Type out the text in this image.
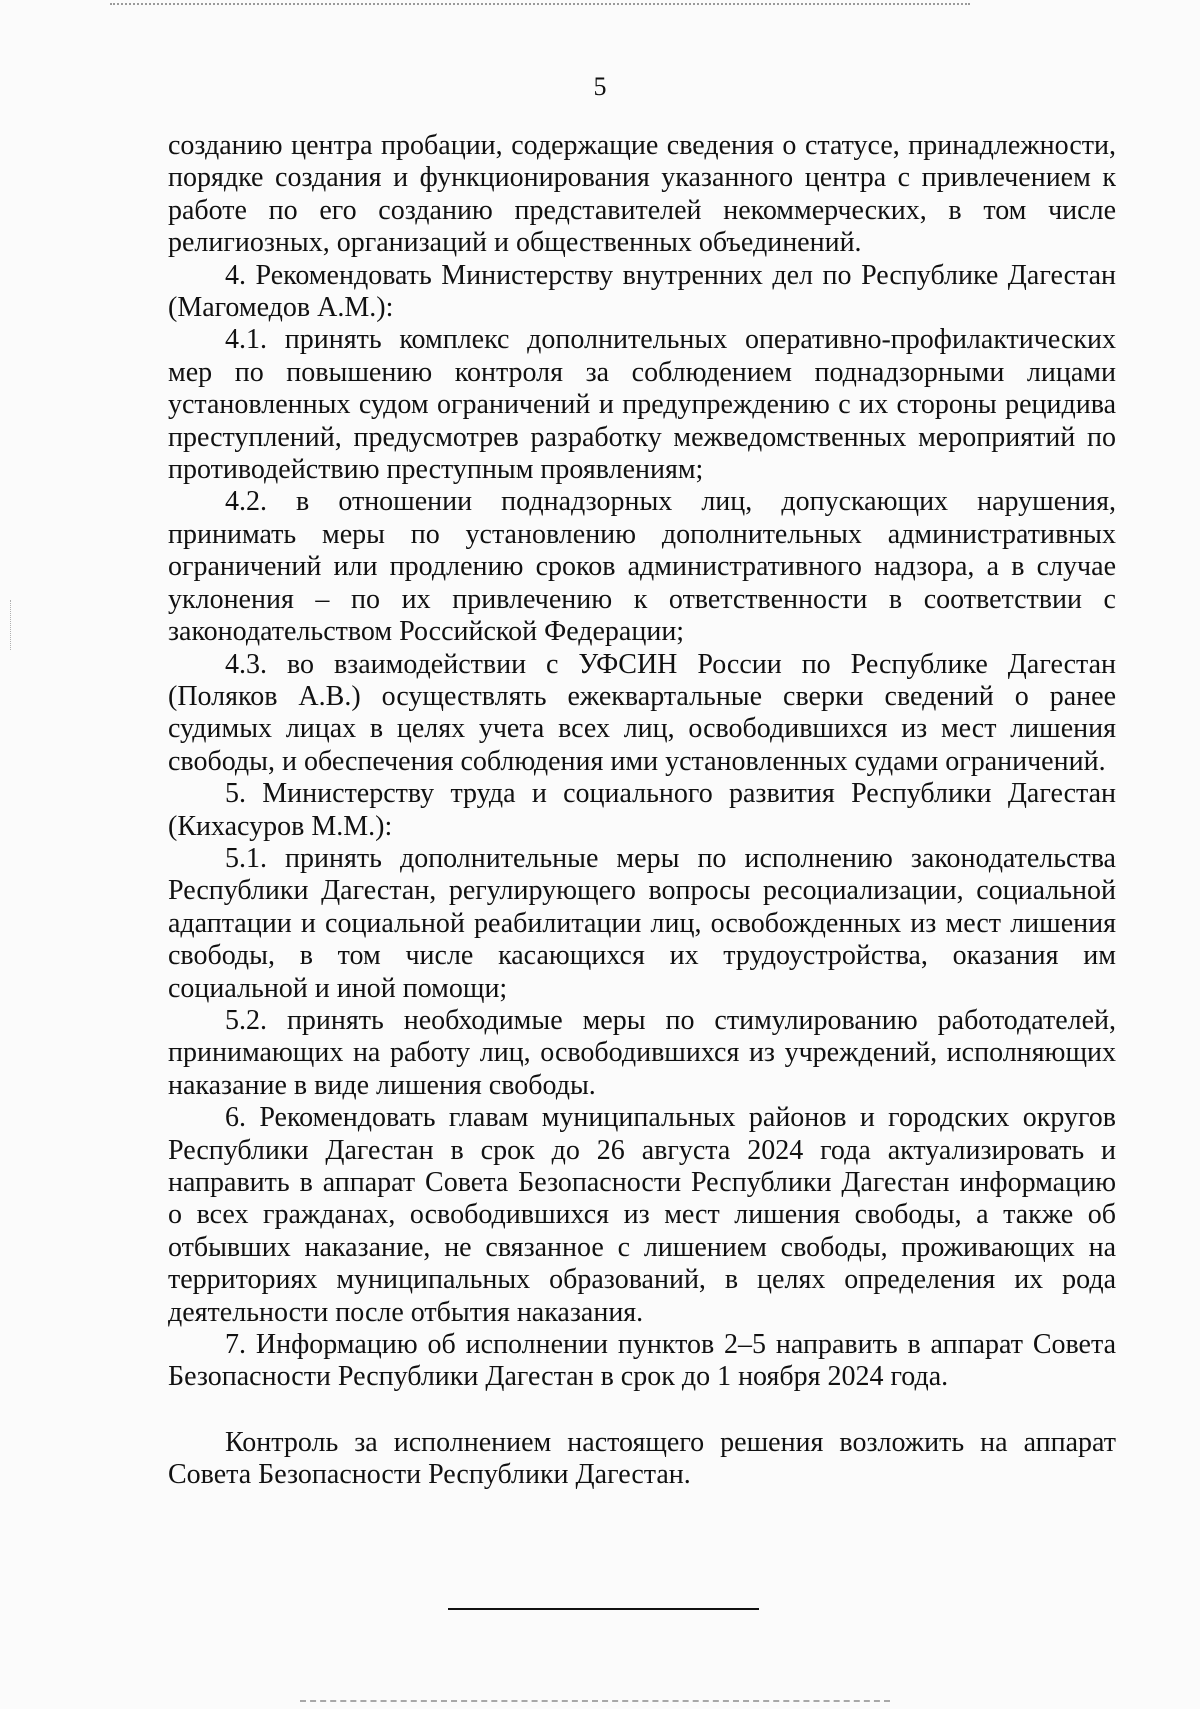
5

созданию центра пробации, содержащие сведения о статусе, принадлежности, порядке создания и функционирования указанного центра с привлечением к работе по его созданию представителей некоммерческих, в том числе религиозных, организаций и общественных объединений.

4. Рекомендовать Министерству внутренних дел по Республике Дагестан (Магомедов А.М.):

4.1. принять комплекс дополнительных оперативно-профилактических мер по повышению контроля за соблюдением поднадзорными лицами установленных судом ограничений и предупреждению с их стороны рецидива преступлений, предусмотрев разработку межведомственных мероприятий по противодействию преступным проявлениям;

4.2. в отношении поднадзорных лиц, допускающих нарушения, принимать меры по установлению дополнительных административных ограничений или продлению сроков административного надзора, а в случае уклонения – по их привлечению к ответственности в соответствии с законодательством Российской Федерации;

4.3. во взаимодействии с УФСИН России по Республике Дагестан (Поляков А.В.) осуществлять ежеквартальные сверки сведений о ранее судимых лицах в целях учета всех лиц, освободившихся из мест лишения свободы, и обеспечения соблюдения ими установленных судами ограничений.

5. Министерству труда и социального развития Республики Дагестан (Кихасуров М.М.):

5.1. принять дополнительные меры по исполнению законодательства Республики Дагестан, регулирующего вопросы ресоциализации, социальной адаптации и социальной реабилитации лиц, освобожденных из мест лишения свободы, в том числе касающихся их трудоустройства, оказания им социальной и иной помощи;

5.2. принять необходимые меры по стимулированию работодателей, принимающих на работу лиц, освободившихся из учреждений, исполняющих наказание в виде лишения свободы.

6. Рекомендовать главам муниципальных районов и городских округов Республики Дагестан в срок до 26 августа 2024 года актуализировать и направить в аппарат Совета Безопасности Республики Дагестан информацию о всех гражданах, освободившихся из мест лишения свободы, а также об отбывших наказание, не связанное с лишением свободы, проживающих на территориях муниципальных образований, в целях определения их рода деятельности после отбытия наказания.

7. Информацию об исполнении пунктов 2–5 направить в аппарат Совета Безопасности Республики Дагестан в срок до 1 ноября 2024 года.

Контроль за исполнением настоящего решения возложить на аппарат Совета Безопасности Республики Дагестан.
